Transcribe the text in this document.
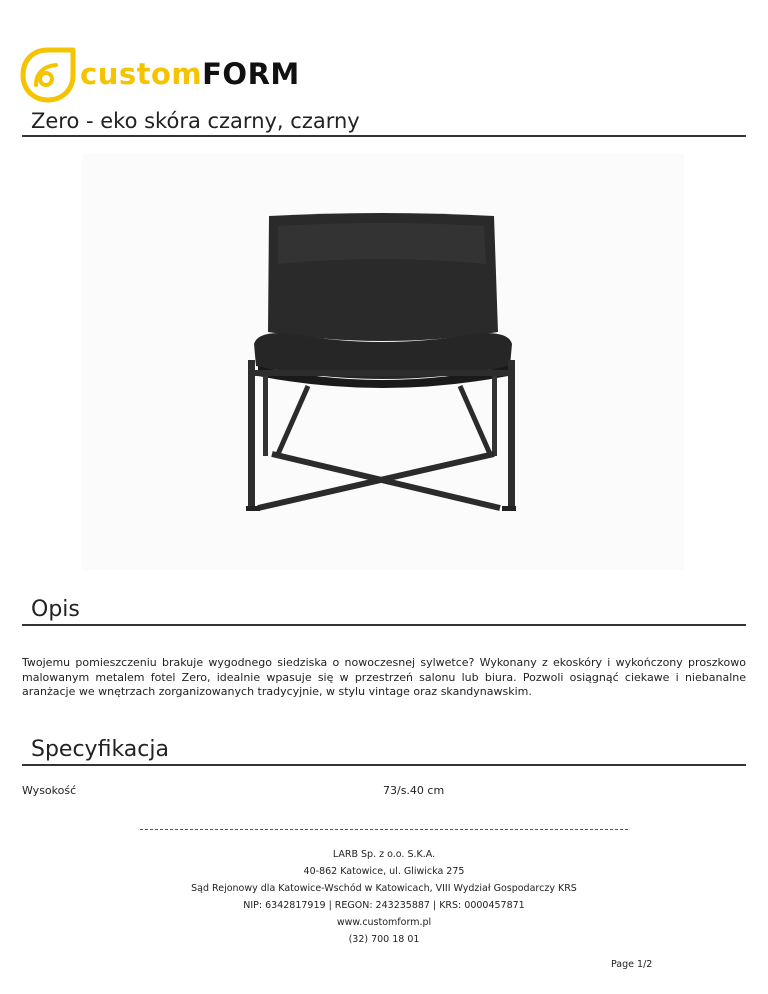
customFORM
Zero - eko skóra czarny, czarny
Opis

Twojemu pomieszczeniu brakuje wygodnego siedziska o nowoczesnej sylwetce? Wykonany z ekoskóry i wykończony proszkowo malowanym metalem fotel Zero, idealnie wpasuje się w przestrzeń salonu lub biura. Pozwoli osiągnąć ciekawe i niebanalne aranżacje we wnętrzach zorganizowanych tradycyjnie, w stylu vintage oraz skandynawskim.

Specyfikacja
Wysokość	73/s.40 cm
LARB Sp. z o.o. S.K.A.
40-862 Katowice, ul. Gliwicka 275
Sąd Rejonowy dla Katowice-Wschód w Katowicach, VIII Wydział Gospodarczy KRS
NIP: 6342817919 | REGON: 243235887 | KRS: 0000457871
www.customform.pl
(32) 700 18 01
Page 1/2
